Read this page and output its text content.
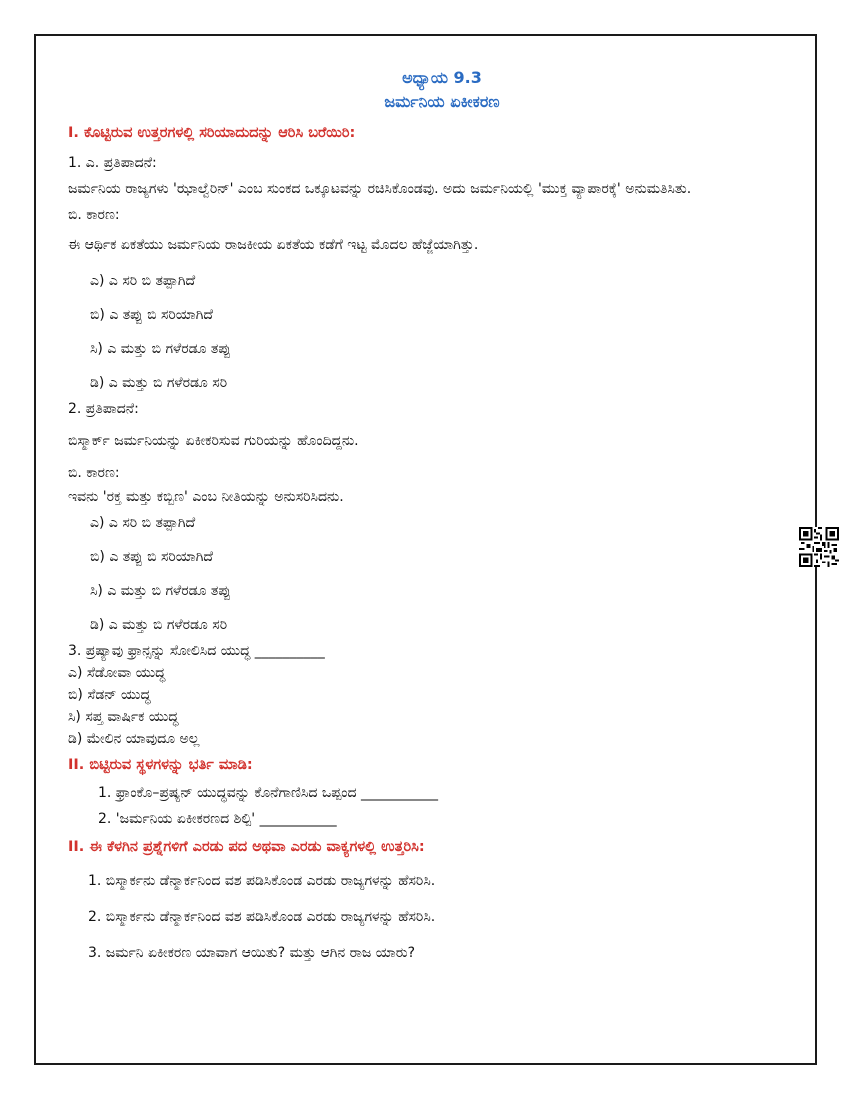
ಅಧ್ಯಾಯ 9.3
ಜರ್ಮನಿಯ ಏಕೀಕರಣ
I. ಕೊಟ್ಟಿರುವ ಉತ್ತರಗಳಲ್ಲಿ ಸರಿಯಾದುದನ್ನು ಆರಿಸಿ ಬರೆಯಿರಿ:
1. ಎ. ಪ್ರತಿಪಾದನೆ:
ಜರ್ಮನಿಯ ರಾಜ್ಯಗಳು 'ಝಾಲ್ವೆರಿನ್' ಎಂಬ ಸುಂಕದ ಒಕ್ಕೂಟವನ್ನು ರಚಿಸಿಕೊಂಡವು. ಅದು ಜರ್ಮನಿಯಲ್ಲಿ 'ಮುಕ್ತ ವ್ಯಾಪಾರಕ್ಕೆ' ಅನುಮತಿಸಿತು.
ಬಿ. ಕಾರಣ:
ಈ ಆರ್ಥಿಕ ಏಕತೆಯು ಜರ್ಮನಿಯ ರಾಜಕೀಯ ಏಕತೆಯ ಕಡೆಗೆ ಇಟ್ಟ ಮೊದಲ ಹೆಜ್ಜೆಯಾಗಿತ್ತು.
ಎ) ಎ ಸರಿ ಬಿ ತಪ್ಪಾಗಿದೆ
ಬಿ) ಎ ತಪ್ಪು ಬಿ ಸರಿಯಾಗಿದೆ
ಸಿ) ಎ ಮತ್ತು ಬಿ ಗಳೆರಡೂ ತಪ್ಪು
ಡಿ) ಎ ಮತ್ತು ಬಿ ಗಳೆರಡೂ ಸರಿ
2. ಪ್ರತಿಪಾದನೆ:
ಬಿಸ್ಮಾರ್ಕ್ ಜರ್ಮನಿಯನ್ನು ಏಕೀಕರಿಸುವ ಗುರಿಯನ್ನು ಹೊಂದಿದ್ದನು.
ಬಿ. ಕಾರಣ:
ಇವನು 'ರಕ್ತ ಮತ್ತು ಕಬ್ಬಿಣ' ಎಂಬ ನೀತಿಯನ್ನು ಅನುಸರಿಸಿದನು.
ಎ) ಎ ಸರಿ ಬಿ ತಪ್ಪಾಗಿದೆ
ಬಿ) ಎ ತಪ್ಪು ಬಿ ಸರಿಯಾಗಿದೆ
ಸಿ) ಎ ಮತ್ತು ಬಿ ಗಳೆರಡೂ ತಪ್ಪು
ಡಿ) ಎ ಮತ್ತು ಬಿ ಗಳೆರಡೂ ಸರಿ
3. ಪ್ರಷ್ಯಾವು ಫ್ರಾನ್ಸನ್ನು ಸೋಲಿಸಿದ ಯುದ್ಧ __________
ಎ) ಸೆಡೋವಾ ಯುದ್ಧ
ಬಿ) ಸೆಡನ್ ಯುದ್ಧ
ಸಿ) ಸಪ್ತ ವಾರ್ಷಿಕ ಯುದ್ಧ
ಡಿ) ಮೇಲಿನ ಯಾವುದೂ ಅಲ್ಲ
II. ಬಿಟ್ಟಿರುವ ಸ್ಥಳಗಳನ್ನು ಭರ್ತಿ ಮಾಡಿ:
1. ಫ್ರಾಂಕೊ–ಪ್ರಷ್ಯನ್ ಯುದ್ಧವನ್ನು ಕೊನೆಗಾಣಿಸಿದ ಒಪ್ಪಂದ ___________
2. 'ಜರ್ಮನಿಯ ಏಕೀಕರಣದ ಶಿಲ್ಪಿ' ___________
II. ಈ ಕೆಳಗಿನ ಪ್ರಶ್ನೆಗಳಿಗೆ ಎರಡು ಪದ ಅಥವಾ ಎರಡು ವಾಕ್ಯಗಳಲ್ಲಿ ಉತ್ತರಿಸಿ:
1. ಬಿಸ್ಮಾರ್ಕನು ಡೆನ್ಮಾರ್ಕನಿಂದ ವಶ ಪಡಿಸಿಕೊಂಡ ಎರಡು ರಾಜ್ಯಗಳನ್ನು ಹೆಸರಿಸಿ.
2. ಬಿಸ್ಮಾರ್ಕನು ಡೆನ್ಮಾರ್ಕನಿಂದ ವಶ ಪಡಿಸಿಕೊಂಡ ಎರಡು ರಾಜ್ಯಗಳನ್ನು ಹೆಸರಿಸಿ.
3. ಜರ್ಮನಿ ಏಕೀಕರಣ ಯಾವಾಗ ಆಯಿತು? ಮತ್ತು ಆಗಿನ ರಾಜ ಯಾರು?
